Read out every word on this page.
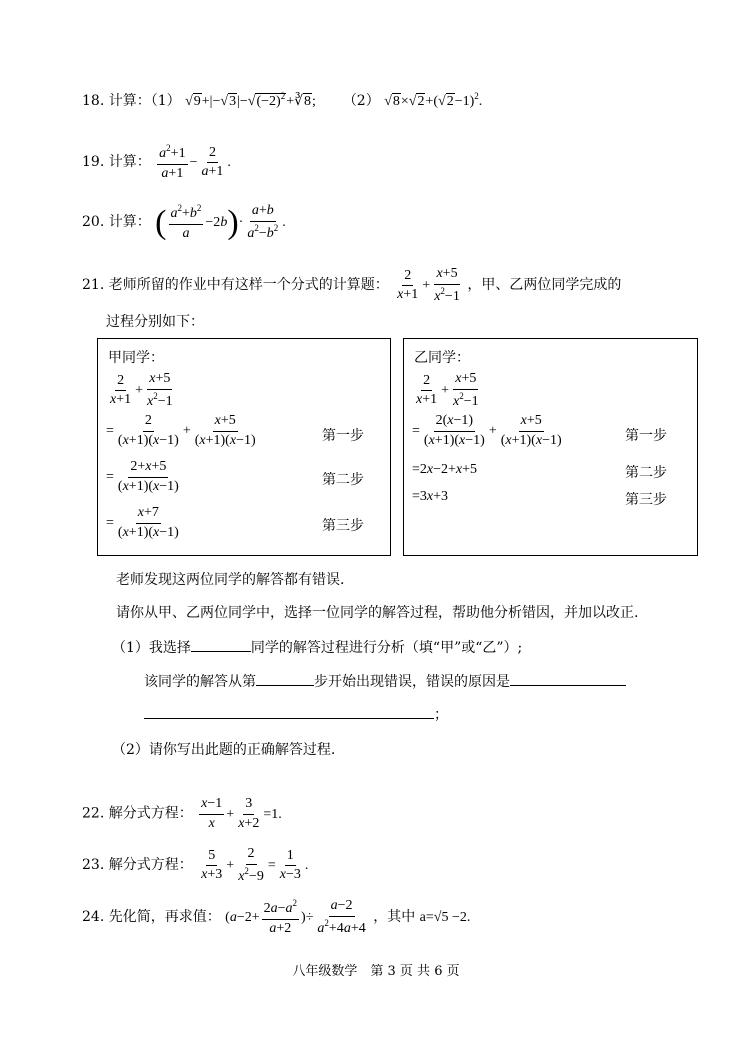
18. 计算：（1） $√9+|-√3|-√(-2)^2+∛8$; （2） $√8\times√2+(√2-1)^2$.
19. 计算： $\frac{a^2+1}{a+1} - \frac{2}{a+1}$ .
20. 计算： ( $\frac{a^2+b^2}{a} -2b)\cdot \frac{a+b}{a^2-b^2}$ .
21. 老师所留的作业中有这样一个分式的计算题： $\frac{2}{x+1} + \frac{x+5}{x^2-1}$ ，甲、乙两位同学完成的
过程分别如下：
甲同学：
$\frac{2}{x+1} + \frac{x+5}{x^2-1}$
= $\frac{2}{(x+1)(x-1)} + \frac{x+5}{(x+1)(x-1)}$	第一步
= $\frac{2+x+5}{(x+1)(x-1)}$	第二步
= $\frac{x+7}{(x+1)(x-1)}$	第三步
乙同学：
$\frac{2}{x+1} + \frac{x+5}{x^2-1}$
= $\frac{2(x-1)}{(x+1)(x-1)} + \frac{x+5}{(x+1)(x-1)}$	第一步
=2x−2+x+5	第二步
=3x+3	第三步
老师发现这两位同学的解答都有错误.
请你从甲、乙两位同学中，选择一位同学的解答过程，帮助他分析错因，并加以改正.
（1）我选择	同学的解答过程进行分析（填“甲”或“乙”）;
该同学的解答从第	步开始出现错误，错误的原因是
；
（2）请你写出此题的正确解答过程.
22. 解分式方程： $\frac{x-1}{x} + \frac{3}{x+2} =1$.
23. 解分式方程： $\frac{5}{x+3} + \frac{2}{x^2-9} = \frac{1}{x-3}$ .
24. 先化简，再求值： ($a-2+ \frac{2a-a^2}{a+2}$ )÷ $\frac{a-2}{a^2+4a+4}$ ，其中 a=√5 −2.
八年级数学　第 3 页 共 6 页
